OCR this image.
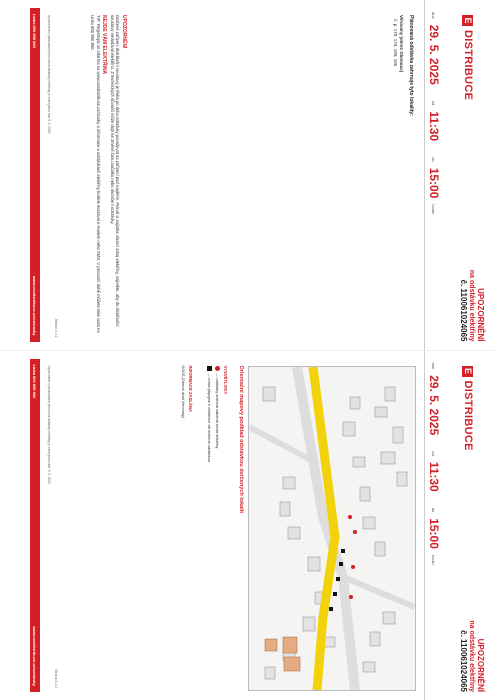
E
DISTRIBUCE
UPOZORNĚNÍ
na odstávku elektřiny
č. 110061024065
dne
29. 5. 2025
od
11:30
do
15:00
hodin
Plánovaná odstávka zahrnuje tyto lokality:
Věrovany (okres Olomouc)
č. p. 178, 179, 180, 185
UPOZORNĚNÍ
Dotčené zařízení distribuční soustavy je třeba po dobu odstávky považovat za zařízení pod napětím. Pokud si zajistíte vlastní zdroj elektřiny, zajistěte, aby do distribuční soustavy nedodával elektřinu. Z technických důvodů může dojít ke změně času začátku nebo ukončení odstávky.
NEJDE VÁM ELEKTŘINA
TIP: Registrujte se zdarma na www.cezdistribuce.cz/sluzby a informace o odstávkách elektřiny budete dostávat e-mailem nebo SMS. V provozní době můžete také volat na Linku 800 850 860.
Strana 1 z 2
Upozornění o plánovaném přerušení dodávky elektřiny je zveřejněno dne 9. 5. 2025
Linka 800 850 860
www.cezdistribuce.cz/odstavky
E
DISTRIBUCE
UPOZORNĚNÍ
na odstávku elektřiny
č. 110061024065
dne
29. 5. 2025
od
11:30
do
15:00
hodin
Orientační mapový podklad odstávkou dotčených lokalit
VYSVĚTLIVKY
— odstávky dotčená odběrná místa elektřiny
— místa připojení k elektrické síti dotčená odstávkou
INFORMACE ZASLÁNA
ÚOÚS (Obecní úřad Věrovany)
Strana 2 z 2
Upozornění o plánovaném přerušení dodávky elektřiny je zveřejněno dne 9. 5. 2025
Linka 800 850 860
www.cezdistribuce.cz/odstavky
